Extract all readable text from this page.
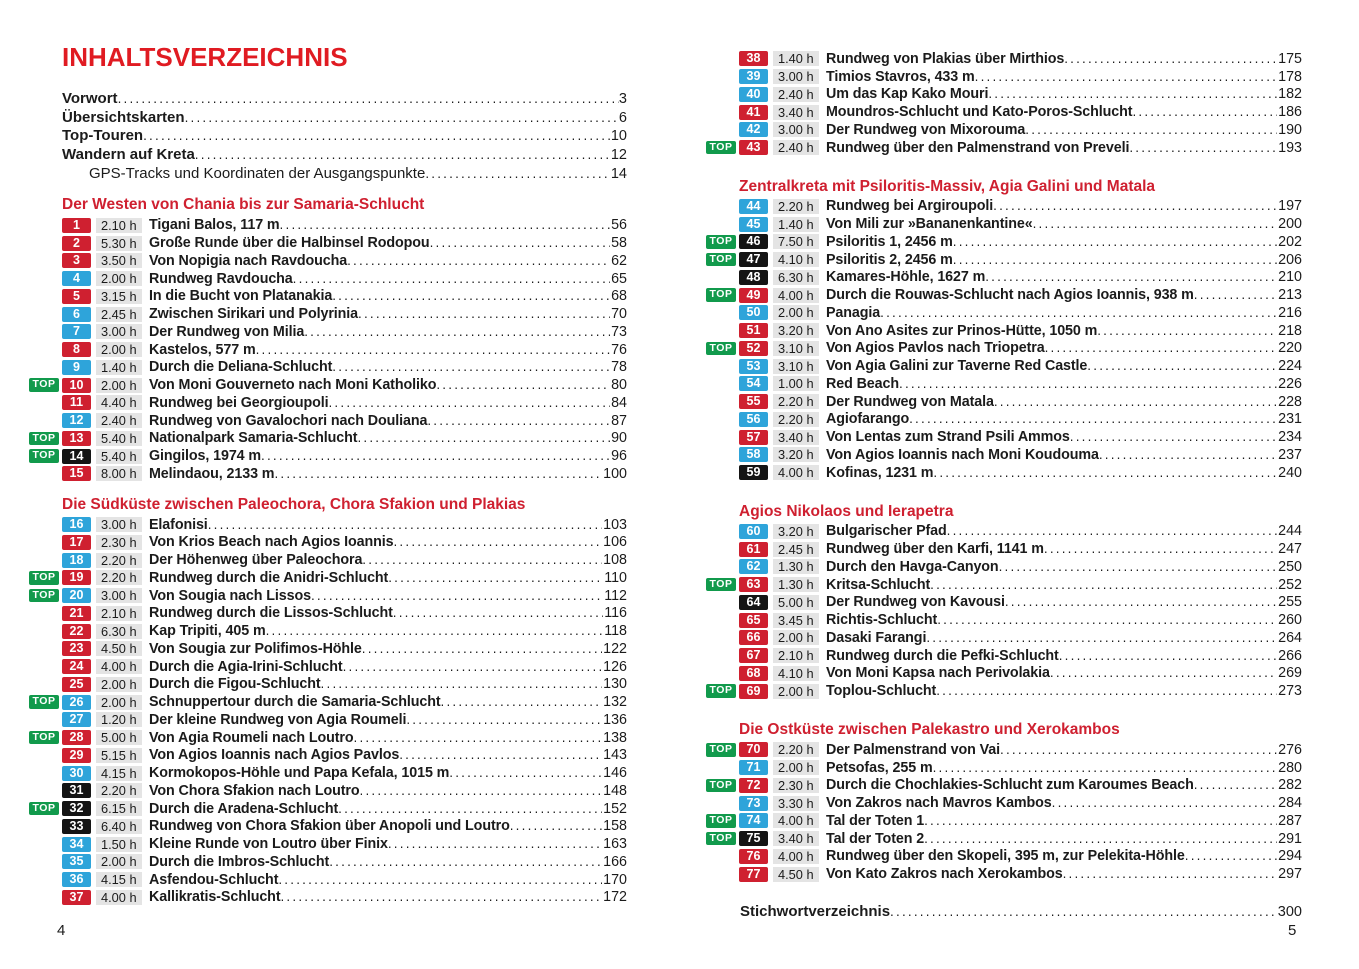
INHALTSVERZEICHNIS
Vorwort .....	3
Übersichtskarten .....	6
Top-Touren .....	10
Wandern auf Kreta .....	12
GPS-Tracks und Koordinaten der Ausgangspunkte .....	14
Der Westen von Chania bis zur Samaria-Schlucht
1	2.10 h Tigani Balos, 117 m .....	56
2	5.30 h Große Runde über die Halbinsel Rodopou .....	58
3	3.50 h Von Nopigia nach Ravdoucha .....	62
4	2.00 h Rundweg Ravdoucha .....	65
5	3.15 h In die Bucht von Platanakia .....	68
6	2.45 h Zwischen Sirikari und Polyrinia .....	70
7	3.00 h Der Rundweg von Milia .....	73
8	2.00 h Kastelos, 577 m .....	76
9	1.40 h Durch die Deliana-Schlucht .....	78
TOP	10	2.00 h Von Moni Gouverneto nach Moni Katholiko .....	80
11	4.40 h Rundweg bei Georgioupoli .....	84
12	2.40 h Rundweg von Gavalochori nach Douliana .....	87
TOP	13	5.40 h Nationalpark Samaria-Schlucht .....	90
TOP	14	5.40 h Gingilos, 1974 m .....	96
15	8.00 h Melindaou, 2133 m .....	100
Die Südküste zwischen Paleochora, Chora Sfakion und Plakias
16	3.00 h Elafonisi .....	103
17	2.30 h Von Krios Beach nach Agios Ioannis .....	106
18	2.20 h Der Höhenweg über Paleochora .....	108
TOP	19	2.20 h Rundweg durch die Anidri-Schlucht .....	110
TOP	20	3.00 h Von Sougia nach Lissos .....	112
21	2.10 h Rundweg durch die Lissos-Schlucht .....	116
22	6.30 h Kap Tripiti, 405 m .....	118
23	4.50 h Von Sougia zur Polifimos-Höhle .....	122
24	4.00 h Durch die Agia-Irini-Schlucht .....	126
25	2.00 h Durch die Figou-Schlucht .....	130
TOP	26	2.00 h Schnuppertour durch die Samaria-Schlucht .....	132
27	1.20 h Der kleine Rundweg von Agia Roumeli .....	136
TOP	28	5.00 h Von Agia Roumeli nach Loutro .....	138
29	5.15 h Von Agios Ioannis nach Agios Pavlos .....	143
30	4.15 h Kormokopos-Höhle und Papa Kefala, 1015 m .....	146
31	2.20 h Von Chora Sfakion nach Loutro .....	148
TOP	32	6.15 h Durch die Aradena-Schlucht .....	152
33	6.40 h Rundweg von Chora Sfakion über Anopoli und Loutro .....	158
34	1.50 h Kleine Runde von Loutro über Finix .....	163
35	2.00 h Durch die Imbros-Schlucht .....	166
36	4.15 h Asfendou-Schlucht .....	170
37	4.00 h Kallikratis-Schlucht .....	172
38	1.40 h Rundweg von Plakias über Mirthios .....	175
39	3.00 h Timios Stavros, 433 m .....	178
40	2.40 h Um das Kap Kako Mouri .....	182
41	3.40 h Moundros-Schlucht und Kato-Poros-Schlucht .....	186
42	3.00 h Der Rundweg von Mixorouma .....	190
TOP	43	2.40 h Rundweg über den Palmenstrand von Preveli .....	193
Zentralkreta mit Psiloritis-Massiv, Agia Galini und Matala
44	2.20 h Rundweg bei Argiroupoli .....	197
45	1.40 h Von Mili zur »Bananenkantine« .....	200
TOP	46	7.50 h Psiloritis 1, 2456 m .....	202
TOP	47	4.10 h Psiloritis 2, 2456 m .....	206
48	6.30 h Kamares-Höhle, 1627 m .....	210
TOP	49	4.00 h Durch die Rouwas-Schlucht nach Agios Ioannis, 938 m .....	213
50	2.00 h Panagia .....	216
51	3.20 h Von Ano Asites zur Prinos-Hütte, 1050 m .....	218
TOP	52	3.10 h Von Agios Pavlos nach Triopetra .....	220
53	3.10 h Von Agia Galini zur Taverne Red Castle .....	224
54	1.00 h Red Beach .....	226
55	2.20 h Der Rundweg von Matala .....	228
56	2.20 h Agiofarango .....	231
57	3.40 h Von Lentas zum Strand Psili Ammos .....	234
58	3.20 h Von Agios Ioannis nach Moni Koudouma .....	237
59	4.00 h Kofinas, 1231 m .....	240
Agios Nikolaos und Ierapetra
60	3.20 h Bulgarischer Pfad .....	244
61	2.45 h Rundweg über den Karfi, 1141 m .....	247
62	1.30 h Durch den Havga-Canyon .....	250
TOP	63	1.30 h Kritsa-Schlucht .....	252
64	5.00 h Der Rundweg von Kavousi .....	255
65	3.45 h Richtis-Schlucht .....	260
66	2.00 h Dasaki Farangi .....	264
67	2.10 h Rundweg durch die Pefki-Schlucht .....	266
68	4.10 h Von Moni Kapsa nach Perivolakia .....	269
TOP	69	2.00 h Toplou-Schlucht .....	273
Die Ostküste zwischen Palekastro und Xerokambos
TOP	70	2.20 h Der Palmenstrand von Vai .....	276
71	2.00 h Petsofas, 255 m .....	280
TOP	72	2.30 h Durch die Chochlakies-Schlucht zum Karoumes Beach .....	282
73	3.30 h Von Zakros nach Mavros Kambos .....	284
TOP	74	4.00 h Tal der Toten 1 .....	287
TOP	75	3.40 h Tal der Toten 2 .....	291
76	4.00 h Rundweg über den Skopeli, 395 m, zur Pelekita-Höhle .....	294
77	4.50 h Von Kato Zakros nach Xerokambos .....	297
Stichwortverzeichnis .....	300
4	5
